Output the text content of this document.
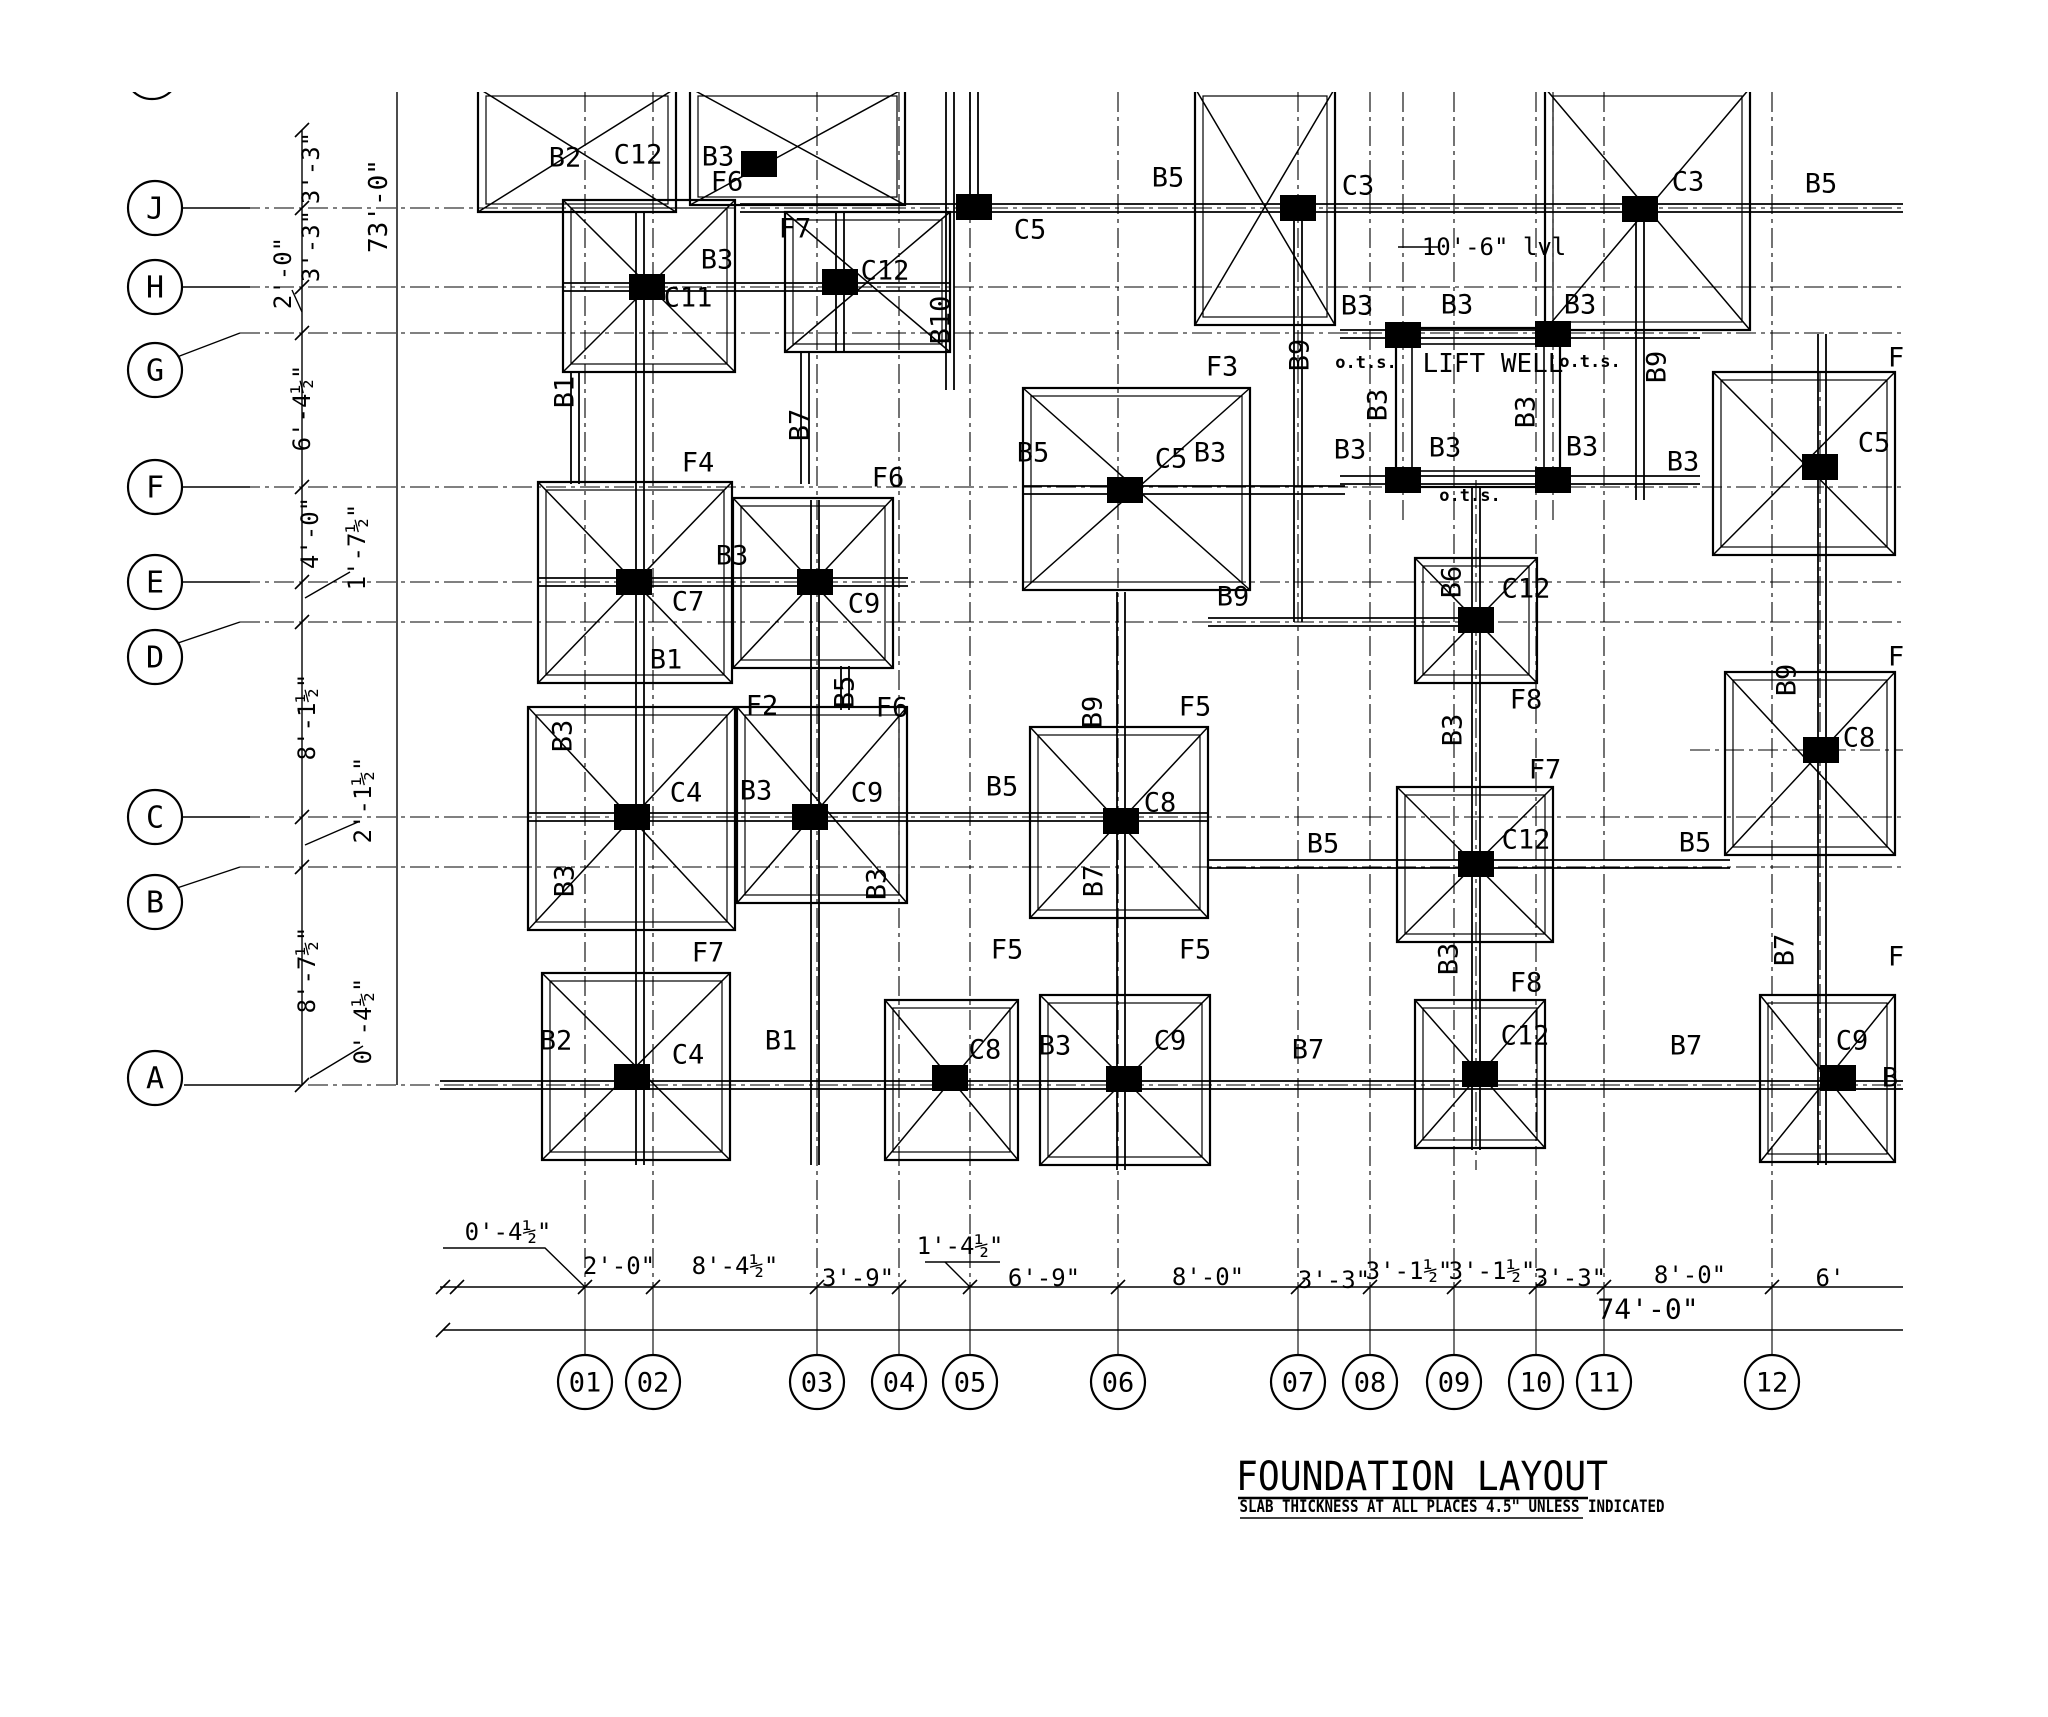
B2 C12 B3
F6
F7
C12
B3
C11	B10
B1
B7
B5
C5
C3	C3	B5
B3 B3	B3
B9	B9
o.t.s. LIFT WELL
o.t.s.
F3
B3	B3
B3 B3	B3	B3
o.t.s.
F4	F6
B5	C5 B3
B3
C7	C9	B9	B6 C12
B1
B9
B5
F2	F6	F5	F8
F7
B3
B3
C4 B3	C9	B5
C8
C12
B5	B5
C8
B9
B7
B3	B3
F7	F5	F5	B3
F8
B7
B2	C4 B1	C8 B3	C9	B7	C12	B7	C9
C5
F
F
F
B
3'-3"
3'-3"
2'-0"
6'-4½"
4'-0" 1'-7½"
8'-1½"
2'-1½"
8'-7½"
0'-4½"
73'-0"
0'-4½"
2'-0" 8'-4½" 3'-9"
1'-4½"
6'-9"	8'-0" 3'-3"
3'-1½"
3'-1½"
3'-3" 8'-0"	6'
74'-0"
10'-6" lvl
J
H
G
F
E
D
C
B
A
01 02	03 04 05	06	07 08 09 10 11	12
FOUNDATION LAYOUT
SLAB THICKNESS AT ALL PLACES 4.5" UNLESS INDICATED
